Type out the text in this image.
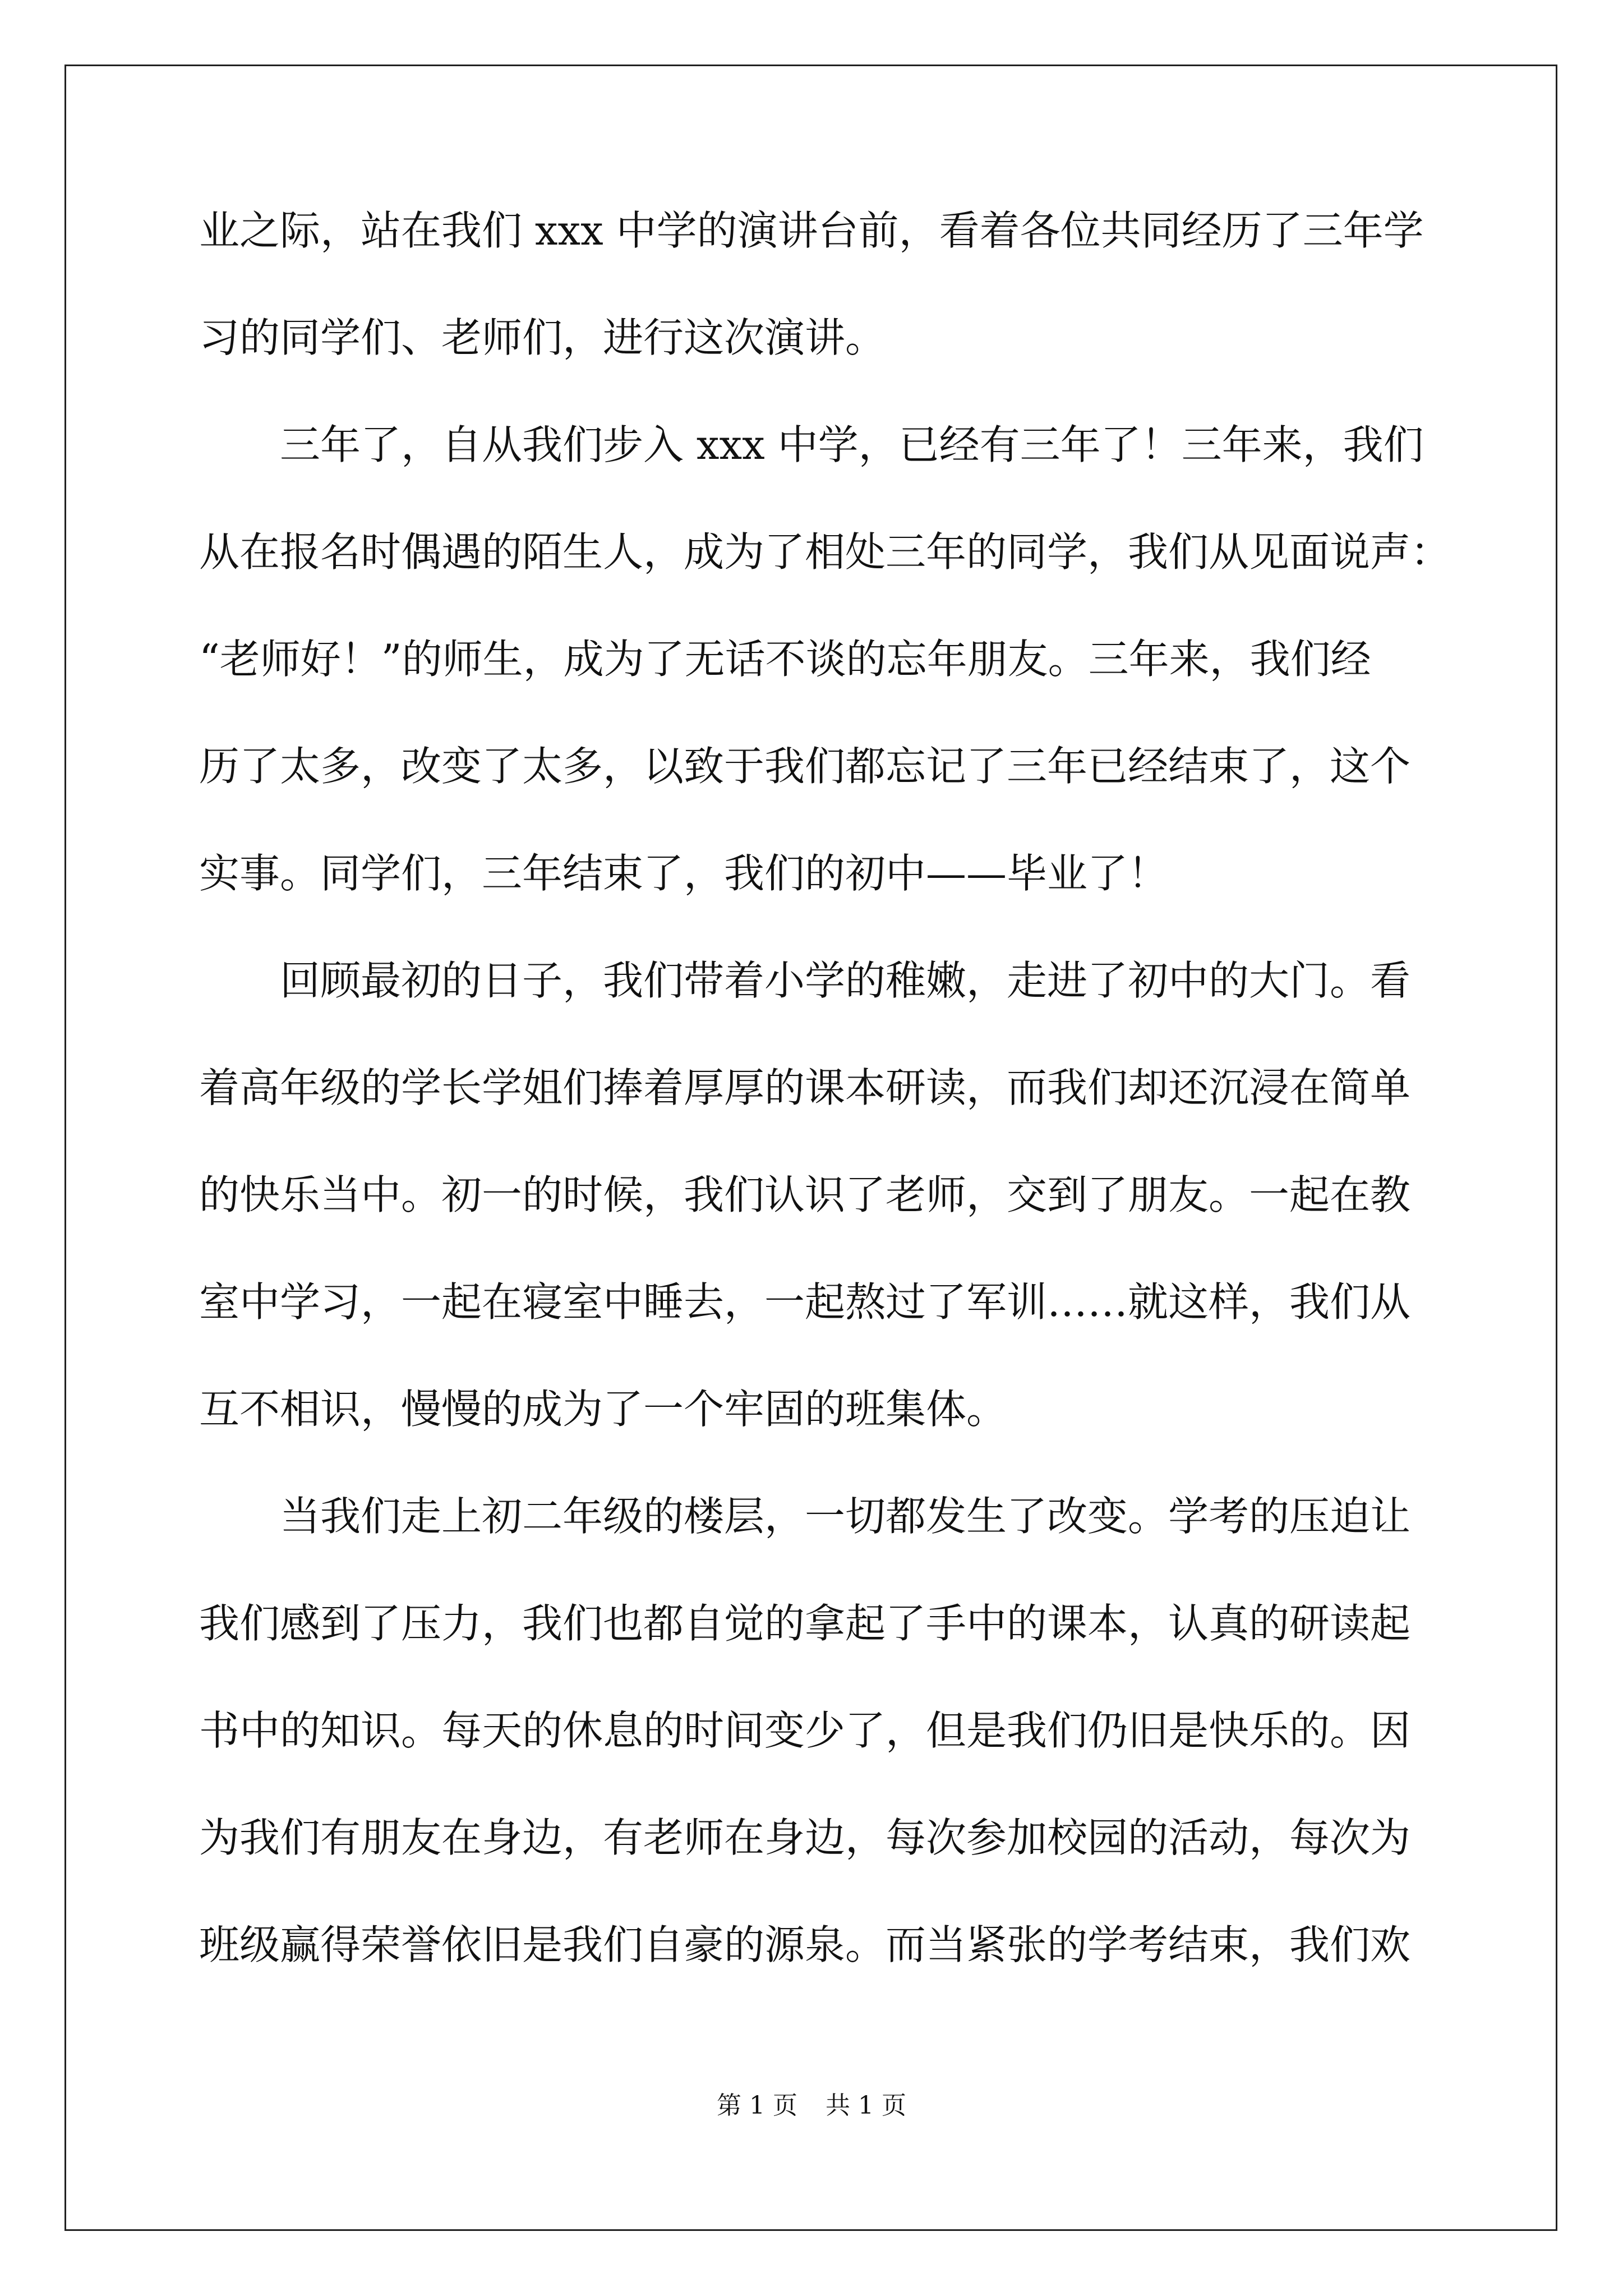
业之际，站在我们 xxx 中学的演讲台前，看着各位共同经历了三年学
习的同学们、老师们，进行这次演讲。
　　三年了，自从我们步入 xxx 中学，已经有三年了！三年来，我们
从在报名时偶遇的陌生人，成为了相处三年的同学，我们从见面说声：
“老师好！”的师生，成为了无话不谈的忘年朋友。三年来，我们经
历了太多，改变了太多，以致于我们都忘记了三年已经结束了，这个
实事。同学们，三年结束了，我们的初中——毕业了！
　　回顾最初的日子，我们带着小学的稚嫩，走进了初中的大门。看
着高年级的学长学姐们捧着厚厚的课本研读，而我们却还沉浸在简单
的快乐当中。初一的时候，我们认识了老师，交到了朋友。一起在教
室中学习，一起在寝室中睡去，一起熬过了军训……就这样，我们从
互不相识，慢慢的成为了一个牢固的班集体。
　　当我们走上初二年级的楼层，一切都发生了改变。学考的压迫让
我们感到了压力，我们也都自觉的拿起了手中的课本，认真的研读起
书中的知识。每天的休息的时间变少了，但是我们仍旧是快乐的。因
为我们有朋友在身边，有老师在身边，每次参加校园的活动，每次为
班级赢得荣誉依旧是我们自豪的源泉。而当紧张的学考结束，我们欢
第 1 页 共 1 页
